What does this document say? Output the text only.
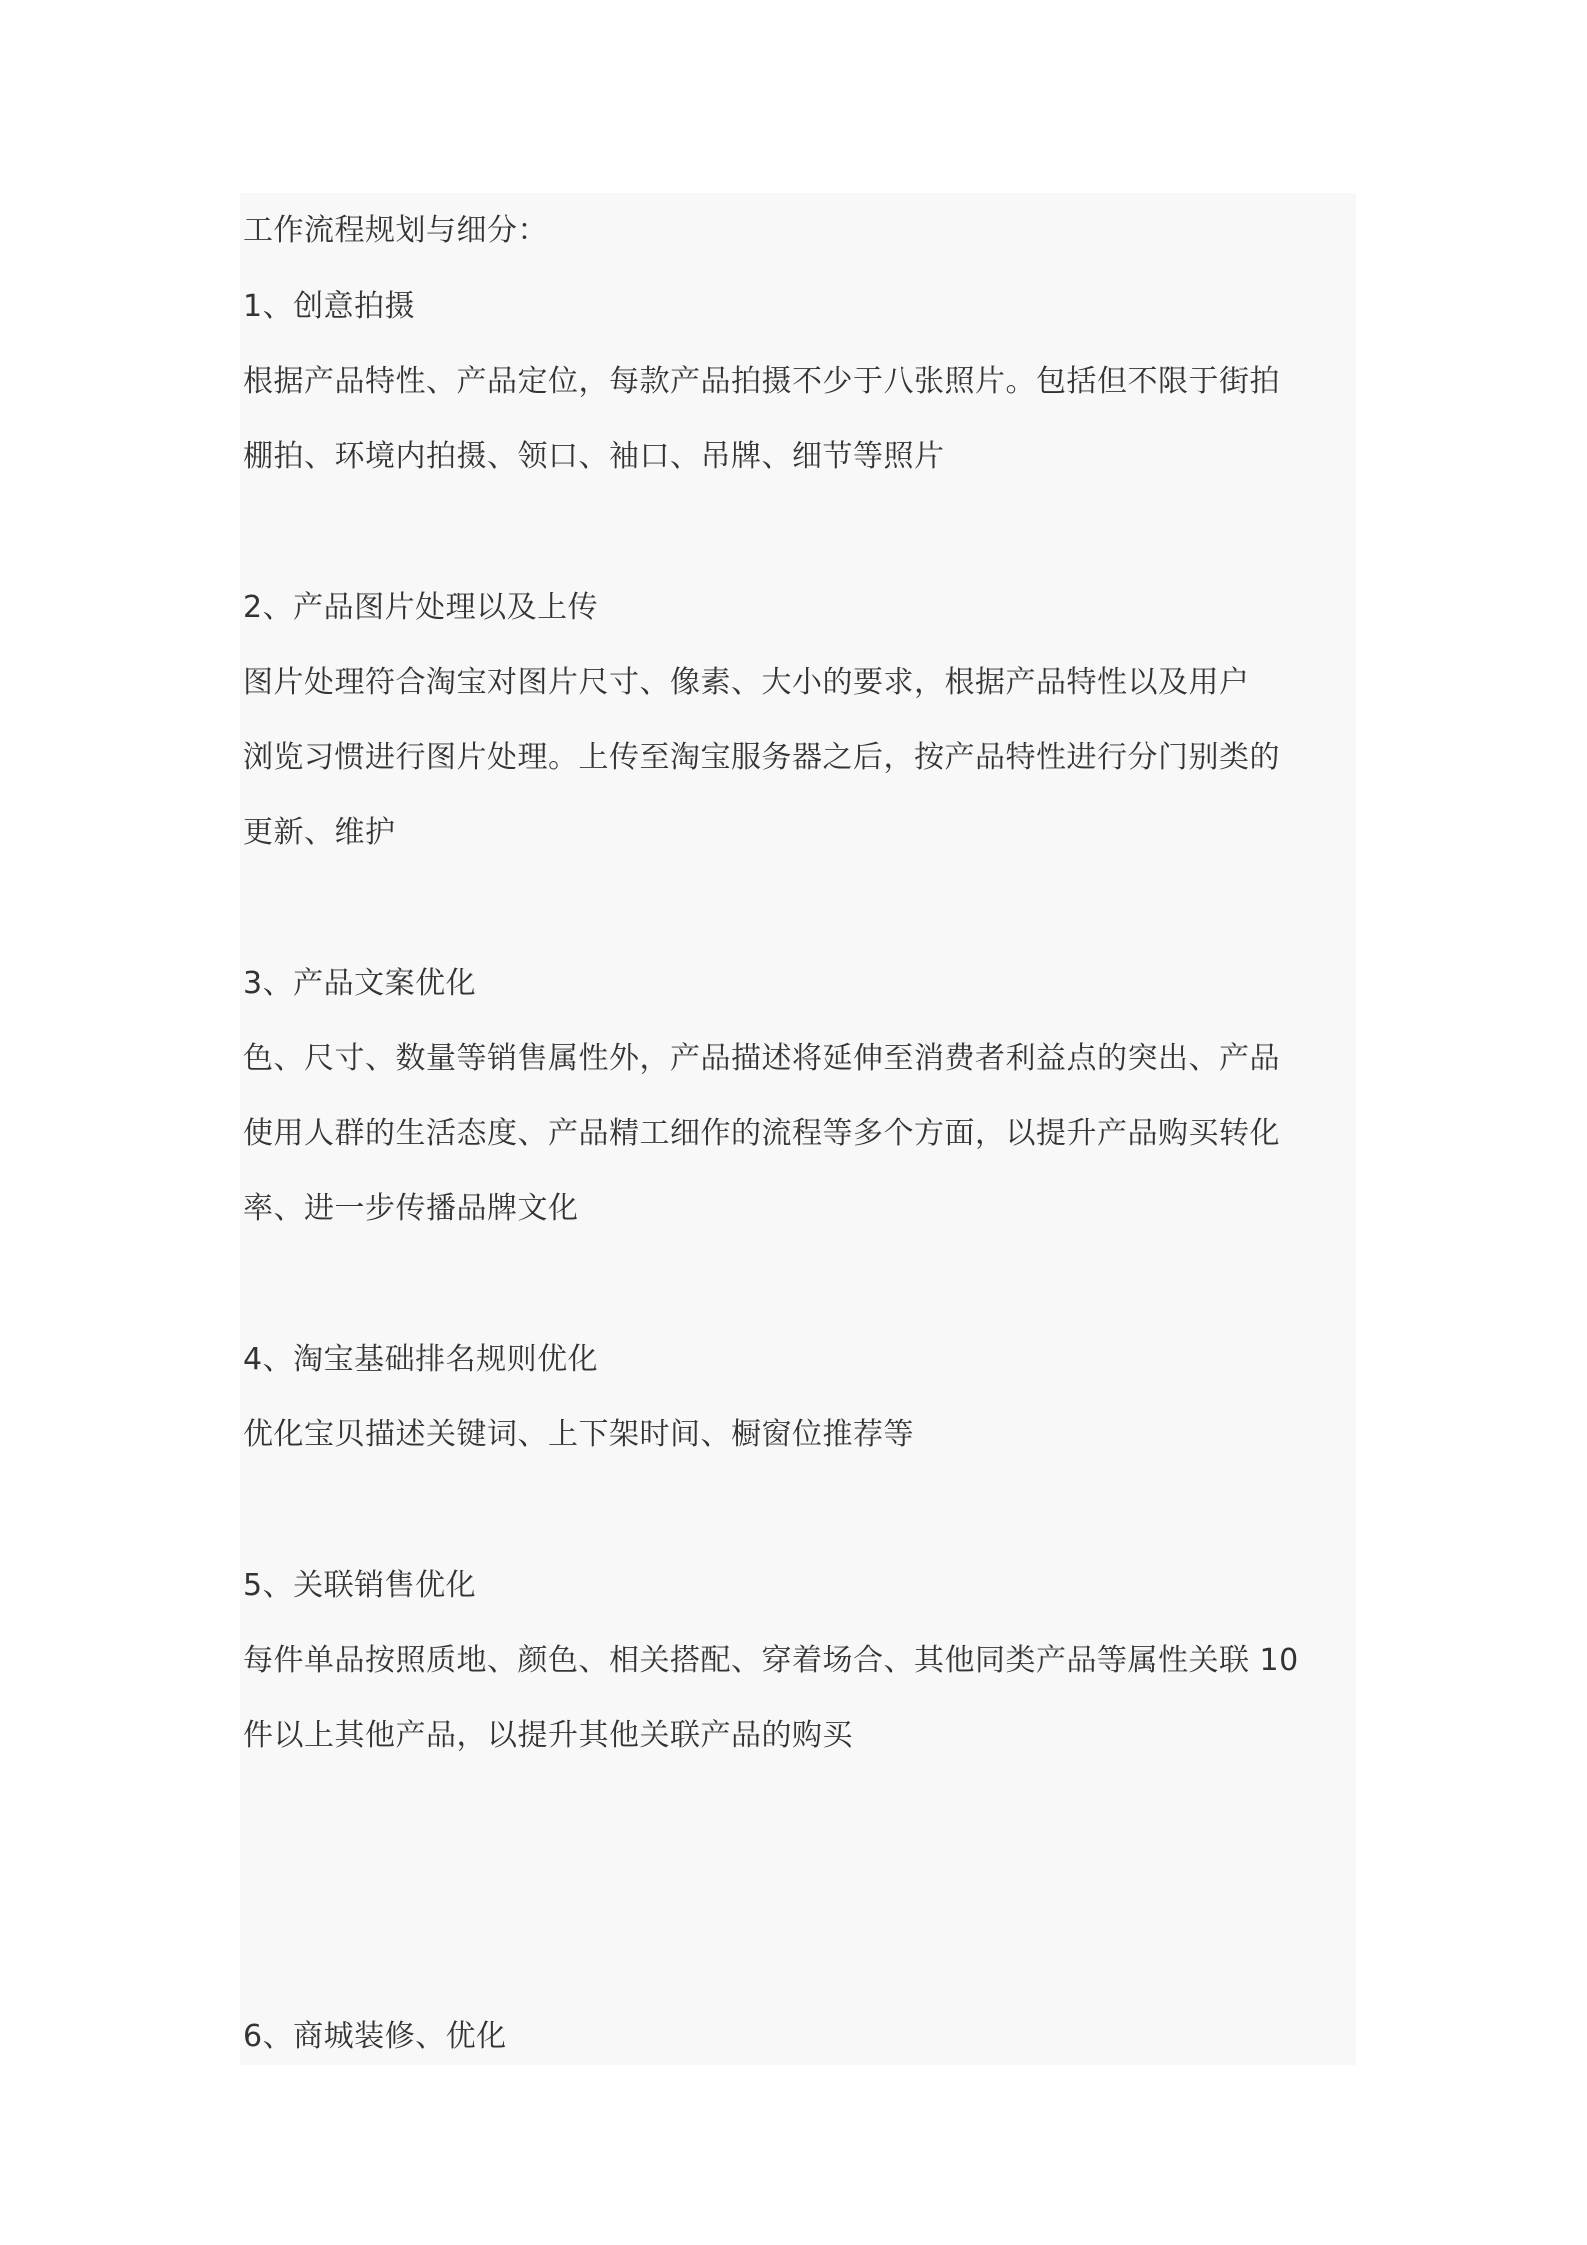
工作流程规划与细分：

1、创意拍摄

根据产品特性、产品定位，每款产品拍摄不少于八张照片。包括但不限于街拍

棚拍、环境内拍摄、领口、袖口、吊牌、细节等照片

2、产品图片处理以及上传

图片处理符合淘宝对图片尺寸、像素、大小的要求，根据产品特性以及用户

浏览习惯进行图片处理。上传至淘宝服务器之后，按产品特性进行分门别类的

更新、维护

3、产品文案优化

色、尺寸、数量等销售属性外，产品描述将延伸至消费者利益点的突出、产品

使用人群的生活态度、产品精工细作的流程等多个方面，以提升产品购买转化

率、进一步传播品牌文化

4、淘宝基础排名规则优化

优化宝贝描述关键词、上下架时间、橱窗位推荐等

5、关联销售优化

每件单品按照质地、颜色、相关搭配、穿着场合、其他同类产品等属性关联 10

件以上其他产品，以提升其他关联产品的购买

6、商城装修、优化
